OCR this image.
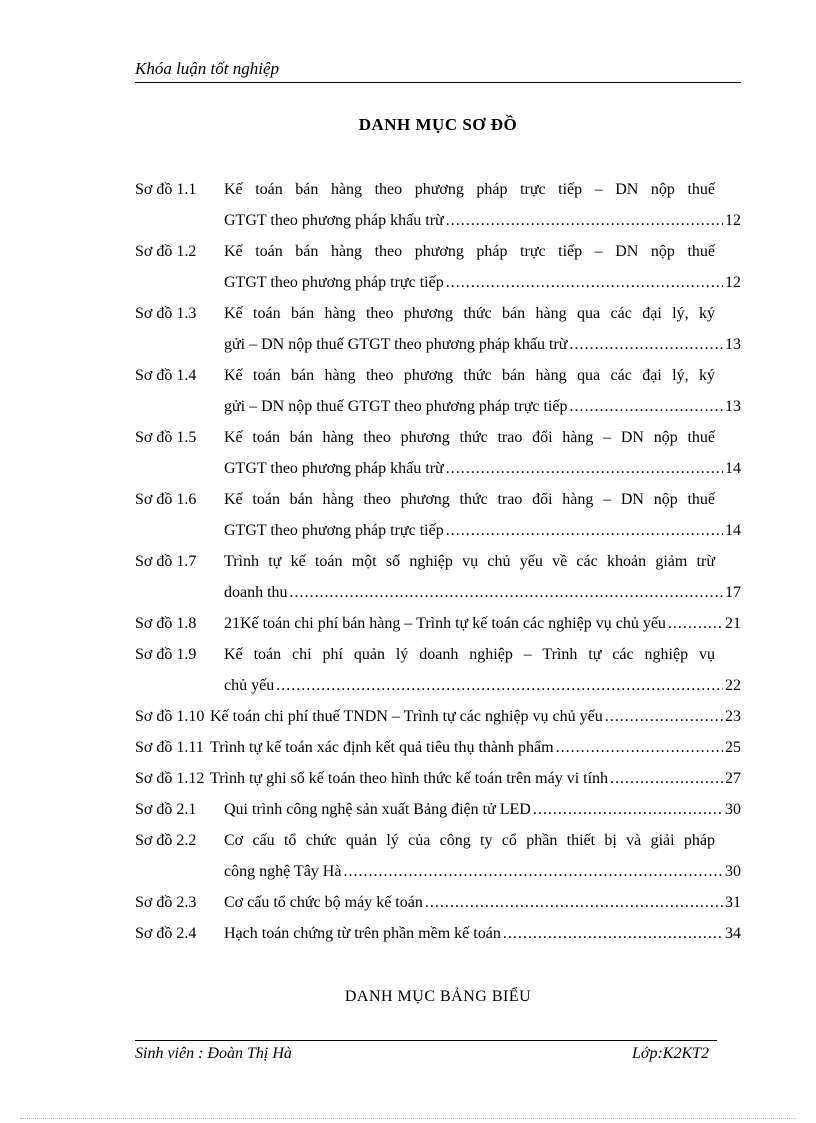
Khóa luận tốt nghiệp
DANH MỤC SƠ ĐỒ
Sơ đồ 1.1 Kế toán bán hàng theo phương pháp trực tiếp – DN nộp thuế
GTGT theo phương pháp khấu trừ .....	12
Sơ đồ 1.2 Kế toán bán hàng theo phương pháp trực tiếp – DN nộp thuế
GTGT theo phương pháp trực tiếp .....	12
Sơ đồ 1.3 Kế toán bán hàng theo phương thức bán hàng qua các đại lý, ký
gửi – DN nộp thuế GTGT theo phương pháp khấu trừ .....	13
Sơ đồ 1.4 Kế toán bán hàng theo phương thức bán hàng qua các đại lý, ký
gửi – DN nộp thuế GTGT theo phương pháp trực tiếp .....	13
Sơ đồ 1.5 Kế toán bán hàng theo phương thức trao đổi hàng – DN nộp thuế
GTGT theo phương pháp khấu trừ .....	14
Sơ đồ 1.6 Kế toán bán hàng theo phương thức trao đổi hàng – DN nộp thuế
GTGT theo phương pháp trực tiếp .....	14
Sơ đồ 1.7 Trình tự kế toán một số nghiệp vụ chủ yếu về các khoản giảm trừ
doanh thu .....	17
Sơ đồ 1.8 21Kế toán chi phí bán hàng – Trình tự kế toán các nghiệp vụ chủ yếu .....	21
Sơ đồ 1.9 Kế toán chi phí quản lý doanh nghiệp – Trình tự các nghiệp vụ
chủ yếu .....	22
Sơ đồ 1.10 Kế toán chi phí thuế TNDN – Trình tự các nghiệp vụ chủ yếu .....	23
Sơ đồ 1.11 Trình tự kế toán xác định kết quả tiêu thụ thành phẩm .....	25
Sơ đồ 1.12 Trình tự ghi sổ kế toán theo hình thức kế toán trên máy vi tính .....	27
Sơ đồ 2.1 Qui trình công nghệ sản xuất Bảng điện tử LED .....	30
Sơ đồ 2.2 Cơ cấu tổ chức quản lý của công ty cổ phần thiết bị và giải pháp
công nghệ Tây Hà .....	30
Sơ đồ 2.3 Cơ cấu tổ chức bộ máy kế toán .....	31
Sơ đồ 2.4 Hạch toán chứng từ trên phần mềm kế toán .....	34
DANH MỤC BẢNG BIỂU
Sinh viên : Đoàn Thị Hà	Lớp:K2KT2
